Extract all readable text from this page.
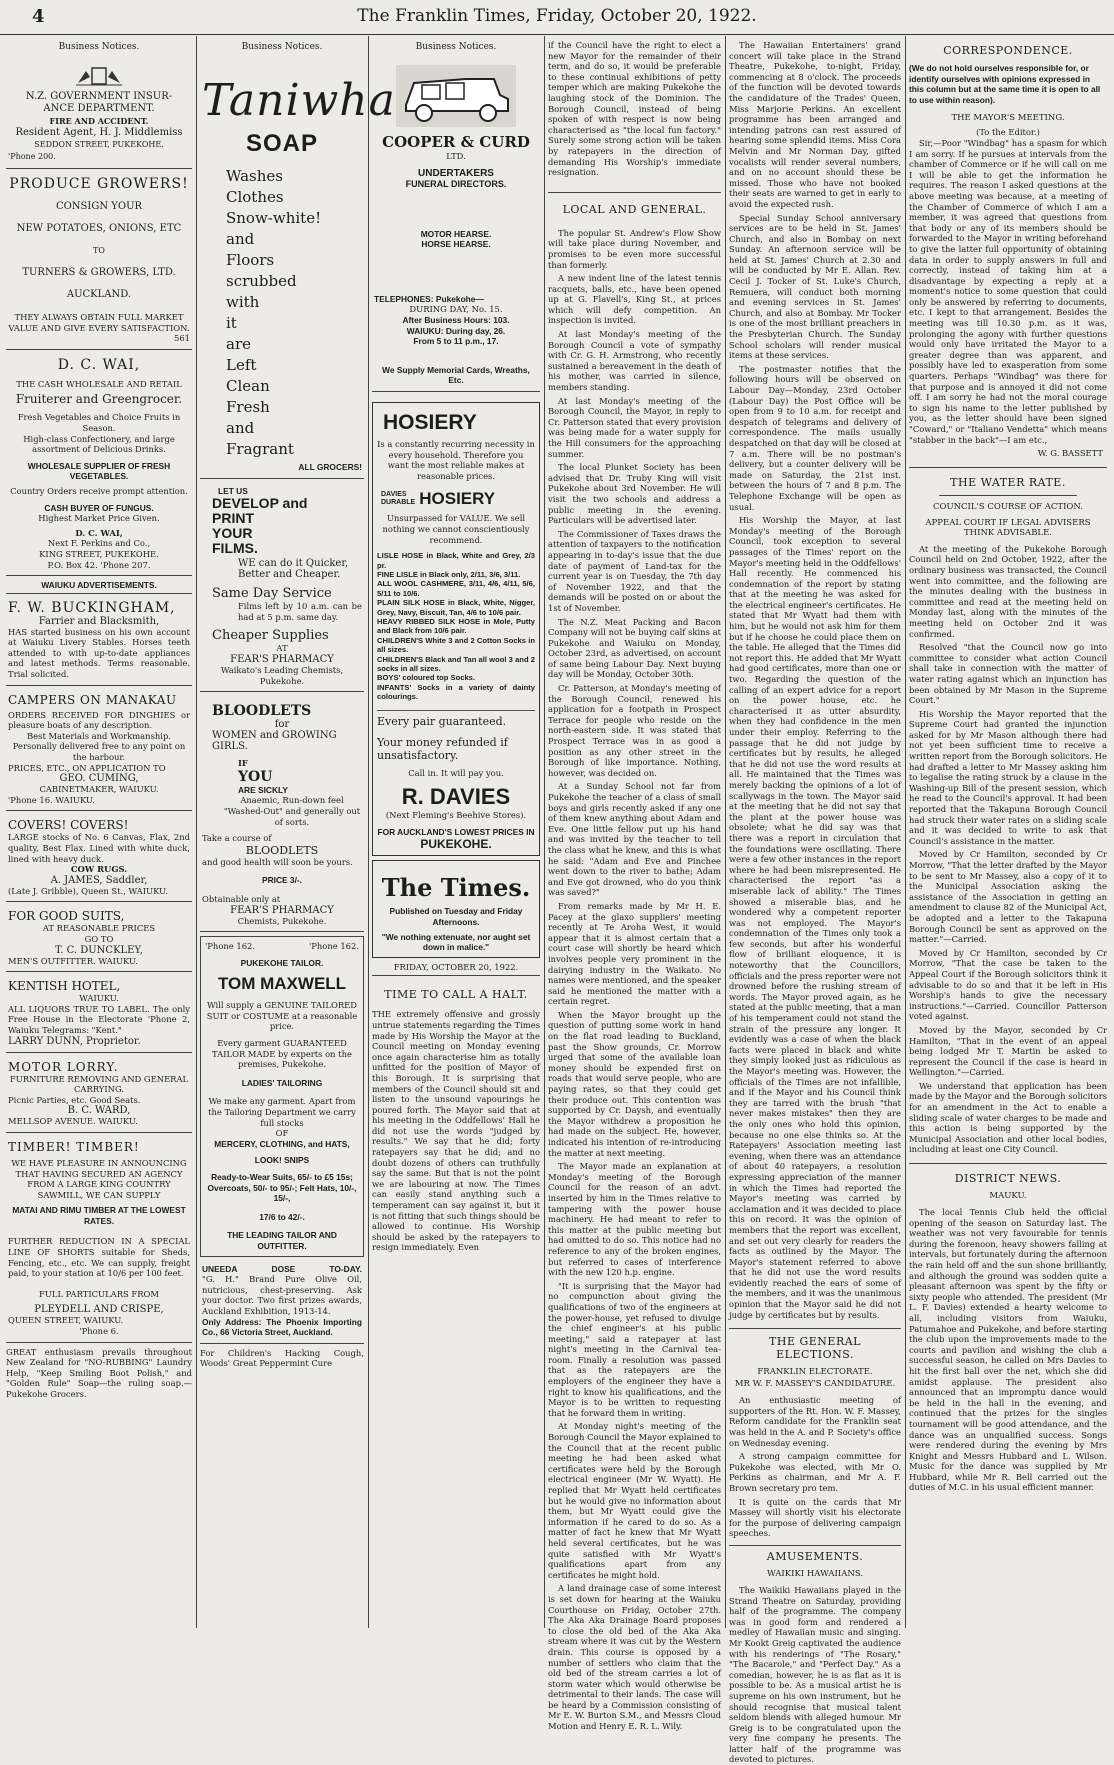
4	The Franklin Times, Friday, October 20, 1922.
Business Notices.
N.Z. GOVERNMENT INSUR-
ANCE DEPARTMENT.
FIRE AND ACCIDENT.
Resident Agent, H. J. Middlemiss
SEDDON STREET, PUKEKOHE.
'Phone 200.
PRODUCE GROWERS!
CONSIGN YOUR
NEW POTATOES, ONIONS, ETC
TO
TURNERS & GROWERS, LTD.
AUCKLAND.
THEY ALWAYS OBTAIN FULL MARKET VALUE AND GIVE EVERY SATISFACTION.
561
D. C. WAI,
THE CASH WHOLESALE AND RETAIL
Fruiterer and Greengrocer.
Fresh Vegetables and Choice Fruits in Season.
High-class Confectionery, and large assortment of Delicious Drinks.
WHOLESALE SUPPLIER OF FRESH VEGETABLES.
Country Orders receive prompt attention.
CASH BUYER OF FUNGUS.
Highest Market Price Given.
D. C. WAI,
Next F. Perkins and Co.,
KING STREET, PUKEKOHE.
P.O. Box 42. 'Phone 207.
WAIUKU ADVERTISEMENTS.
F. W. BUCKINGHAM,
Farrier and Blacksmith,
HAS started business on his own account at Waiuku Livery Stables. Horses teeth attended to with up-to-date appliances and latest methods. Terms reasonable. Trial solicited.
CAMPERS ON MANAKAU
ORDERS RECEIVED FOR DINGHIES or pleasure boats of any description.
Best Materials and Workmanship.
Personally delivered free to any point on the harbour.
PRICES, ETC., ON APPLICATION TO
GEO. CUMING,
CABINETMAKER, WAIUKU.
'Phone 16. WAIUKU.
COVERS! COVERS!
LARGE stocks of No. 6 Canvas, Flax, 2nd quality, Best Flax. Lined with white duck, lined with heavy duck.
COW RUGS.
A. JAMES, Saddler,
(Late J. Gribble), Queen St., WAIUKU.
FOR GOOD SUITS,
AT REASONABLE PRICES
GO TO
T. C. DUNCKLEY,
MEN'S OUTFITTER. WAIUKU.
KENTISH HOTEL,
WAIUKU.
ALL LIQUORS TRUE TO LABEL. The only Free House in the Electorate 'Phone 2, Waiuku Telegrams: "Kent."
LARRY DUNN, Proprietor.
MOTOR LORRY.
FURNITURE REMOVING AND GENERAL CARRYING.
Picnic Parties, etc. Good Seats.
B. C. WARD,
MELLSOP AVENUE. WAIUKU.
TIMBER! TIMBER!
WE HAVE PLEASURE IN ANNOUNCING THAT HAVING SECURED AN AGENCY FROM A LARGE KING COUNTRY SAWMILL, WE CAN SUPPLY
MATAI AND RIMU TIMBER AT THE LOWEST RATES.
FURTHER REDUCTION IN A SPECIAL LINE OF SHORTS suitable for Sheds, Fencing, etc., etc. We can supply, freight paid, to your station at 10/6 per 100 feet.
FULL PARTICULARS FROM
PLEYDELL AND CRISPE,
QUEEN STREET, WAIUKU.
'Phone 6.
GREAT enthusiasm prevails throughout New Zealand for "NO-RUBBING" Laundry Help, "Keep Smiling Boot Polish," and "Golden Rule" Soap—the ruling soap.—Pukekohe Grocers.
Business Notices.
Taniwha
SOAP
Washes
Clothes
Snow-white!
and
Floors
scrubbed
with
it
are
Left
Clean
Fresh
and
Fragrant
ALL GROCERS!
LET US
DEVELOP and
PRINT
YOUR
FILMS.
WE can do it Quicker, Better and Cheaper.
Same Day Service
Films left by 10 a.m. can be had at 5 p.m. same day.
Cheaper Supplies
AT
FEAR'S PHARMACY
Waikato's Leading Chemists, Pukekohe.
BLOODLETS
for
WOMEN and GROWING GIRLS.
IF
YOU
ARE SICKLY
Anaemic, Run-down feel "Washed-Out" and generally out of sorts.
Take a course of
BLOODLETS
and good health will soon be yours.
PRICE 3/-.
Obtainable only at
FEAR'S PHARMACY
Chemists, Pukekohe.
'Phone 162.	'Phone 162.
PUKEKOHE TAILOR.
TOM MAXWELL
Will supply a GENUINE TAILORED SUIT or COSTUME at a reasonable price.
Every garment GUARANTEED TAILOR MADE by experts on the premises, Pukekohe.
LADIES' TAILORING
We make any garment. Apart from the Tailoring Department we carry full stocks
OF
MERCERY, CLOTHING, and HATS,
LOOK! SNIPS
Ready-to-Wear Suits, 65/- to £5 15s; Overcoats, 50/- to 95/-; Felt Hats, 10/-, 15/-,
17/6 to 42/-.
THE LEADING TAILOR AND OUTFITTER.
UNEEDA	DOSE	TO-DAY.
"G. H." Brand Pure Olive Oil, nutricious, chest-preserving. Ask your doctor. Two first prizes awards, Auckland Exhibition, 1913-14.
Only Address: The Phoenix Importing Co., 66 Victoria Street, Auckland.
For Children's Hacking Cough, Woods' Great Peppermint Cure
Business Notices.
COOPER & CURD
LTD.
UNDERTAKERS
FUNERAL DIRECTORS.
MOTOR HEARSE.
HORSE HEARSE.
TELEPHONES: Pukekohe—
DURING DAY, No. 15.
After Business Hours: 103.
WAIUKU: During day, 26.
From 5 to 11 p.m., 17.
We Supply Memorial Cards, Wreaths, Etc.
HOSIERY
Is a constantly recurring necessity in every household. Therefore you want the most reliable makes at reasonable prices.
DAVIES
DURABLE HOSIERY
Unsurpassed for VALUE. We sell nothing we cannot conscientiously recommend.
LISLE HOSE in Black, White and Grey, 2/3 pr.
FINE LISLE in Black only, 2/11, 3/6, 3/11.
ALL WOOL CASHMERE, 3/11, 4/6, 4/11, 5/6, 5/11 to 10/6.
PLAIN SILK HOSE in Black, White, Nigger, Grey, Navy, Biscuit, Tan, 4/6 to 10/6 pair.
HEAVY RIBBED SILK HOSE in Mole, Putty and Black from 10/6 pair.
CHILDREN'S White 3 and 2 Cotton Socks in all sizes.
CHILDREN'S Black and Tan all wool 3 and 2 socks in all sizes.
BOYS' coloured top Socks.
INFANTS' Socks in a variety of dainty colourings.
Every pair guaranteed.
Your money refunded if unsatisfactory.
Call in. It will pay you.
R. DAVIES
(Next Fleming's Beehive Stores).
FOR AUCKLAND'S LOWEST PRICES IN
PUKEKOHE.
The Times.
Published on Tuesday and Friday Afternoons.
"We nothing extenuate, nor aught set down in malice."
FRIDAY, OCTOBER 20, 1922.
TIME TO CALL A HALT.
THE extremely offensive and grossly untrue statements regarding the Times made by His Worship the Mayor at the Council meeting on Monday evening once again characterise him as totally unfitted for the position of Mayor of this Borough. It is surprising that members of the Council should sit and listen to the unsound vapourings he poured forth. The Mayor said that at his meeting in the Oddfellows' Hall he did not use the words "judged by results." We say that he did; forty ratepayers say that he did; and no doubt dozens of others can truthfully say the same. But that is not the point we are labouring at now. The Times can easily stand anything such a temperament can say against it, but it is not fitting that such things should be allowed to continue. His Worship should be asked by the ratepayers to resign immediately. Even
if the Council have the right to elect a new Mayor for the remainder of their term, and do so, it would be preferable to these continual exhibitions of petty temper which are making Pukekohe the laughing stock of the Dominion. The Borough Council, instead of being spoken of with respect is now being characterised as "the local fun factory." Surely some strong action will be taken by ratepayers in the direction of demanding His Worship's immediate resignation.
LOCAL AND GENERAL.

The popular St. Andrew's Flow Show will take place during November, and promises to be even more successful than formerly.

A new indent line of the latest tennis racquets, balls, etc., have been opened up at G. Flavell's, King St., at prices which will defy competition. An inspection is invited.

At last Monday's meeting of the Borough Council a vote of sympathy with Cr. G. H. Armstrong, who recently sustained a bereavement in the death of his mother, was carried in silence, members standing.

At last Monday's meeting of the Borough Council, the Mayor, in reply to Cr. Patterson stated that every provision was being made for a water supply for the Hill consumers for the approaching summer.

The local Plunket Society has been advised that Dr. Truby King will visit Pukekohe about 3rd November. He will visit the two schools and address a public meeting in the evening. Particulars will be advertised later.

The Commissioner of Taxes draws the attention of taxpayers to the notification appearing in to-day's issue that the due date of payment of Land-tax for the current year is on Tuesday, the 7th day of November 1922, and that the demands will be posted on or about the 1st of November.

The N.Z. Meat Packing and Bacon Company will not be buying calf skins at Pukekohe and Waiuku on Monday, October 23rd, as advertised, on account of same being Labour Day. Next buying day will be Monday, October 30th.

Cr. Patterson, at Monday's meeting of the Borough Council, renewed his application for a footpath in Prospect Terrace for people who reside on the north-eastern side. It was stated that Prospect Terrace was in as good a position as any other street in the Borough of like importance. Nothing, however, was decided on.

At a Sunday School not far from Pukekohe the teacher of a class of small boys and girls recently asked if any one of them knew anything about Adam and Eve. One little fellow put up his hand and was invited by the teacher to tell the class what he knew, and this is what he said: "Adam and Eve and Pinchee went down to the river to bathe; Adam and Eve got drowned, who do you think was saved?"

From remarks made by Mr H. E. Pacey at the glaxo suppliers' meeting recently at Te Aroha West, it would appear that it is almost certain that a court case will shortly be heard which involves people very prominent in the dairying industry in the Waikato. No names were mentioned, and the speaker said he mentioned the matter with a certain regret.

When the Mayor brought up the question of putting some work in hand on the flat road leading to Buckland, past the Show grounds, Cr. Morrow urged that some of the available loan money should be expended first on roads that would serve people, who are paying rates, so that they could get their produce out. This contention was supported by Cr. Daysh, and eventually the Mayor withdrew a proposition he had made on the subject. He, however, indicated his intention of re-introducing the matter at next meeting.

The Mayor made an explanation at Monday's meeting of the Borough Council for the reason of an advt. inserted by him in the Times relative to tampering with the power house machinery. He had meant to refer to this matter at the public meeting but had omitted to do so. This notice had no reference to any of the broken engines, but referred to cases of interference with the new 120 h.p. engine.

"It is surprising that the Mayor had no compunction about giving the qualifications of two of the engineers at the power-house, yet refused to divulge the chief engineer's at his public meeting," said a ratepayer at last night's meeting in the Carnival tea-room. Finally a resolution was passed that as the ratepayers are the employers of the engineer they have a right to know his qualifications, and the Mayor is to be written to requesting that he forward them in writing.

At Monday night's meeting of the Borough Council the Mayor explained to the Council that at the recent public meeting he had been asked what certificates were held by the Borough electrical engineer (Mr W. Wyatt). He replied that Mr Wyatt held certificates but he would give no information about them, but Mr Wyatt could give the information if he cared to do so. As a matter of fact he knew that Mr Wyatt held several certificates, but he was quite satisfied with Mr Wyatt's qualifications apart from any certificates he might hold.

A land drainage case of some interest is set down for hearing at the Waiuku Courthouse on Friday, October 27th. The Aka Aka Drainage Board proposes to close the old bed of the Aka Aka stream where it was cut by the Western drain. This course is opposed by a number of settlers who claim that the old bed of the stream carries a lot of storm water which would otherwise be detrimental to their lands. The case will be heard by a Commission consisting of Mr E. W. Burton S.M., and Messrs Cloud Motion and Henry E. R. L. Wily.

The Hawaiian Entertainers' grand concert will take place in the Strand Theatre, Pukekohe, to-night, Friday, commencing at 8 o'clock. The proceeds of the function will be devoted towards the candidature of the Trades' Queen, Miss Marjorie Perkins. An excellent programme has been arranged and intending patrons can rest assured of hearing some splendid items. Miss Cora Melvin and Mr Norman Day, gifted vocalists will render several numbers, and on no account should these be missed. Those who have not booked their seats are warned to get in early to avoid the expected rush.

Special Sunday School anniversary services are to be held in St. James' Church, and also in Bombay on next Sunday. An afternoon service will be held at St. James' Church at 2.30 and will be conducted by Mr E. Allan. Rev. Cecil J. Tocker of St. Luke's Church, Remuera, will conduct both morning and evening services in St. James' Church, and also at Bombay. Mr Tocker is one of the most brilliant preachers in the Presbyterian Church. The Sunday School scholars will render musical items at these services.

The postmaster notifies that the following hours will be observed on Labour Day—Monday, 23rd October (Labour Day) the Post Office will be open from 9 to 10 a.m. for receipt and despatch of telegrams and delivery of correspondence. The mails usually despatched on that day will be closed at 7 a.m. There will be no postman's delivery, but a counter delivery will be made on Saturday, the 21st inst. between the hours of 7 and 8 p.m. The Telephone Exchange will be open as usual.

His Worship the Mayor, at last Monday's meeting of the Borough Council, took exception to several passages of the Times' report on the Mayor's meeting held in the Oddfellows' Hall recently. He commenced his condemnation of the report by stating that at the meeting he was asked for the electrical engineer's certificates. He stated that Mr Wyatt had them with him, but he would not ask him for them but if he choose he could place them on the table. He alleged that the Times did not report this. He added that Mr Wyatt had good certificates, more than one or two. Regarding the question of the calling of an expert advice for a report on the power house, etc. he characterised it as utter absurdity, when they had confidence in the men under their employ. Referring to the passage that he did not judge by certificates but by results, he alleged that he did not use the word results at all. He maintained that the Times was merely backing the opinions of a lot of scallywags in the town. The Mayor said at the meeting that he did not say that the plant at the power house was obsolete; what he did say was that there was a report in circulation that the foundations were oscillating. There were a few other instances in the report where he had been misrepresented. He characterised the report "as a miserable lack of ability." The Times showed a miserable bias, and he wondered why a competent reporter was not employed. The Mayor's condemnation of the Times only took a few seconds, but after his wonderful flow of brilliant eloquence, it is noteworthy that the Councillors, officials and the press reporter were not drowned before the rushing stream of words. The Mayor proved again, as he stated at the public meeting, that a man of his temperament could not stand the strain of the pressure any longer. It evidently was a case of when the black facts were placed in black and white they simply looked just as ridiculous as the Mayor's meeting was. However, the officials of the Times are not infallible, and if the Mayor and his Council think they are tarred with the brush "that never makes mistakes" then they are the only ones who hold this opinion, because no one else thinks so. At the Ratepayers' Association meeting last evening, when there was an attendance of about 40 ratepayers, a resolution expressing appreciation of the manner in which the Times had reported the Mayor's meeting was carried by acclamation and it was decided to place this on record. It was the opinion of members that the report was excellent, and set out very clearly for readers the facts as outlined by the Mayor. The Mayor's statement referred to above that he did not use the word results evidently reached the ears of some of the members, and it was the unanimous opinion that the Mayor said he did not judge by certificates but by results.

THE GENERAL ELECTIONS.
FRANKLIN ELECTORATE.
MR W. F. MASSEY'S CANDIDATURE.

An enthusiastic meeting of supporters of the Rt. Hon. W. F. Massey, Reform candidate for the Franklin seat was held in the A. and P. Society's office on Wednesday evening.

A strong campaign committee for Pukekohe was elected, with Mr O. Perkins as chairman, and Mr A. F. Brown secretary pro tem.

It is quite on the cards that Mr Massey will shortly visit his electorate for the purpose of delivering campaign speeches.

AMUSEMENTS.
WAIKIKI HAWAIIANS.

The Waikiki Hawaiians played in the Strand Theatre on Saturday, providing half of the programme. The company was in good form and rendered a medley of Hawaiian music and singing. Mr Kookt Greig captivated the audience with his renderings of "The Rosary," "The Bacarole," and "Perfect Day." As a comedian, however, he is as flat as it is possible to be. As a musical artist he is supreme on his own instrument, but he should recognise that musical talent seldom blends with alleged humour. Mr Greig is to be congratulated upon the very fine company he presents. The latter half of the programme was devoted to pictures.

CORRESPONDENCE.
(We do not hold ourselves responsible for, or identify ourselves with opinions expressed in this column but at the same time it is open to all to use within reason).
THE MAYOR'S MEETING.
(To the Editor.)

Sir,—Poor "Windbag" has a spasm for which I am sorry. If he pursues at intervals from the chamber of Commerce or if he will call on me I will be able to get the information he requires. The reason I asked questions at the above meeting was because, at a meeting of the Chamber of Commerce of which I am a member, it was agreed that questions from that body or any of its members should be forwarded to the Mayor in writing beforehand to give the latter full opportunity of obtaining data in order to supply answers in full and correctly, instead of taking him at a disadvantage by expecting a reply at a moment's notice to some question that could only be answered by referring to documents, etc. I kept to that arrangement. Besides the meeting was till 10.30 p.m. as it was, prolonging the agony with further questions would only have irritated the Mayor to a greater degree than was apparent, and possibly have led to exasperation from some quarters. Perhaps "Windbag" was there for that purpose and is annoyed it did not come off. I am sorry he had not the moral courage to sign his name to the letter published by you, as the letter should have been signed "Coward," or "Italiano Vendetta" which means "stabber in the back"—I am etc.,

W. G. BASSETT
THE WATER RATE.
COUNCIL'S COURSE OF ACTION.
APPEAL COURT IF LEGAL ADVISERS THINK ADVISABLE.

At the meeting of the Pukekohe Borough Council held on 2nd October, 1922, after the ordinary business was transacted, the Council went into committee, and the following are the minutes dealing with the business in committee and read at the meeting held on Monday last, along with the minutes of the meeting held on October 2nd it was confirmed.

Resolved "that the Council now go into committee to consider what action Council shall take in connection with the matter of water rating against which an injunction has been obtained by Mr Mason in the Supreme Court."

His Worship the Mayor reported that the Supreme Court had granted the injunction asked for by Mr Mason although there had not yet been sufficient time to receive a written report from the Borough solicitors. He had drafted a letter to Mr Massey asking him to legalise the rating struck by a clause in the Washing-up Bill of the present session, which he read to the Council's approval. It had been reported that the Takapuna Borough Council had struck their water rates on a sliding scale and it was decided to write to ask that Council's assistance in the matter.

Moved by Cr Hamilton, seconded by Cr Morrow, "That the letter drafted by the Mayor to be sent to Mr Massey, also a copy of it to the Municipal Association asking the assistance of the Association in getting an amendment to clause 82 of the Municipal Act, be adopted and a letter to the Takapuna Borough Council be sent as approved on the matter."—Carried.

Moved by Cr Hamilton, seconded by Cr Morrow, "That the case be taken to the Appeal Court if the Borough solicitors think it advisable to do so and that it be left in His Worship's hands to give the necessary instructions."—Carried. Councillor Patterson voted against.

Moved by the Mayor, seconded by Cr Hamilton, "That in the event of an appeal being lodged Mr T. Martin be asked to represent the Council if the case is heard in Wellington."—Carried.

We understand that application has been made by the Mayor and the Borough solicitors for an amendment in the Act to enable a sliding scale of water charges to be made and this action is being supported by the Municipal Association and other local bodies, including at least one City Council.

DISTRICT NEWS.
MAUKU.

The local Tennis Club held the official opening of the season on Saturday last. The weather was not very favourable for tennis during the forenoon, heavy showers falling at intervals, but fortunately during the afternoon the rain held off and the sun shone brilliantly, and although the ground was sodden quite a pleasant afternoon was spent by the fifty or sixty people who attended. The president (Mr L. F. Davies) extended a hearty welcome to all, including visitors from Waiuku, Patumahoe and Pukekohe, and before starting the club upon the improvements made to the courts and pavilion and wishing the club a successful season, he called on Mrs Davies to hit the first ball over the net, which she did amidst applause. The president also announced that an impromptu dance would be held in the hall in the evening, and continued that the prizes for the singles tournament will be good attendance, and the dance was an unqualified success. Songs were rendered during the evening by Mrs Knight and Messrs Hubbard and L. Wilson. Music for the dance was supplied by Mr Hubbard, while Mr R. Bell carried out the duties of M.C. in his usual efficient manner.
